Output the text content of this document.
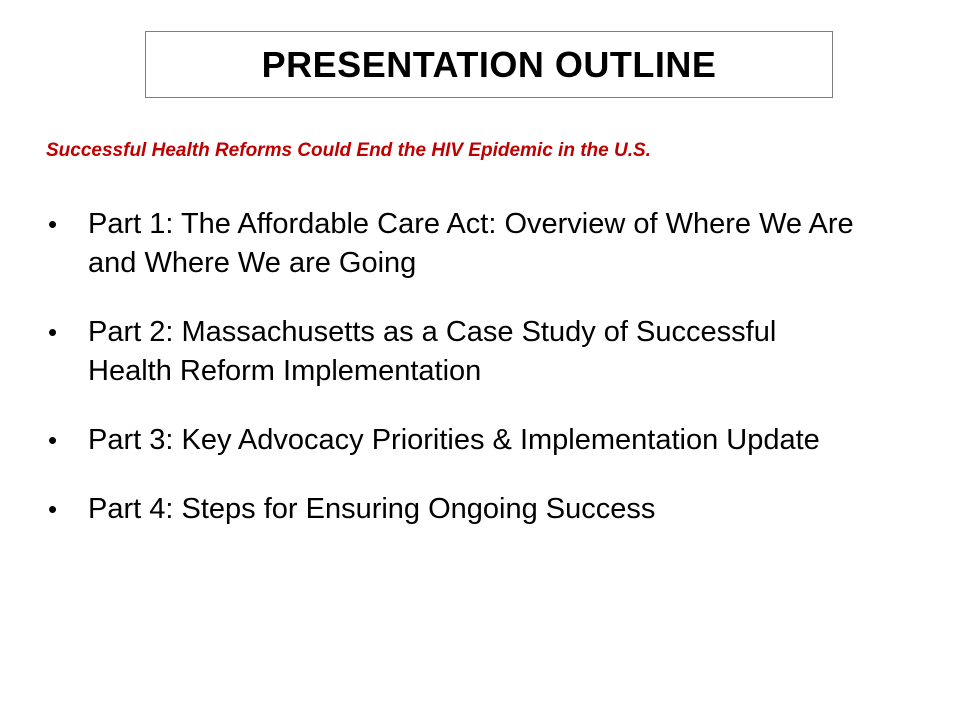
PRESENTATION OUTLINE
Successful Health Reforms Could End the HIV Epidemic in the U.S.
•	Part 1: The Affordable Care Act: Overview of Where We Are and Where We are Going
•	Part 2: Massachusetts as a Case Study of Successful Health Reform Implementation
•	Part 3: Key Advocacy Priorities & Implementation Update
•	Part 4: Steps for Ensuring Ongoing Success
